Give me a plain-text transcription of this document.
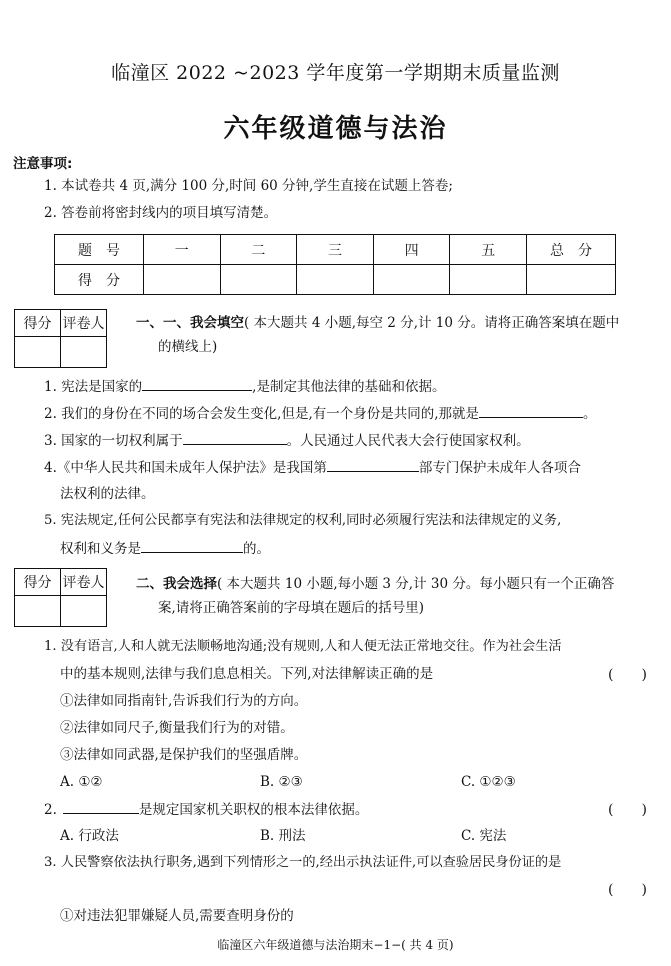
临潼区 2022 ~2023 学年度第一学期期末质量监测
六年级道德与法治
注意事项:
1. 本试卷共 4 页,满分 100 分,时间 60 分钟,学生直接在试题上答卷;
2. 答卷前将密封线内的项目填写清楚。
题　号	一	二	三	四	五	总　分
得　分						
得分	评卷人
	一、一、我会填空( 本大题共 4 小题,每空 2 分,计 10 分。请将正确答案填在题中
的横线上)
1. 宪法是国家的	,是制定其他法律的基础和依据。
2. 我们的身份在不同的场合会发生变化,但是,有一个身份是共同的,那就是	。
3. 国家的一切权利属于	。人民通过人民代表大会行使国家权利。
4.《中华人民共和国未成年人保护法》是我国第	部专门保护未成年人各项合
法权利的法律。
5. 宪法规定,任何公民都享有宪法和法律规定的权利,同时必须履行宪法和法律规定的义务,
权利和义务是	的。
得分	评卷人
	二、我会选择( 本大题共 10 小题,每小题 3 分,计 30 分。每小题只有一个正确答
案,请将正确答案前的字母填在题后的括号里)
1. 没有语言,人和人就无法顺畅地沟通;没有规则,人和人便无法正常地交往。作为社会生活
中的基本规则,法律与我们息息相关。下列,对法律解读正确的是	(　　)
①法律如同指南针,告诉我们行为的方向。
②法律如同尺子,衡量我们行为的对错。
③法律如同武器,是保护我们的坚强盾牌。
A. ①②	B. ②③	C. ①②③
2.	是规定国家机关职权的根本法律依据。	(　　)
A. 行政法	B. 刑法	C. 宪法
3. 人民警察依法执行职务,遇到下列情形之一的,经出示执法证件,可以查验居民身份证的是
(　　)
①对违法犯罪嫌疑人员,需要查明身份的
临潼区六年级道德与法治期末−1−( 共 4 页)
